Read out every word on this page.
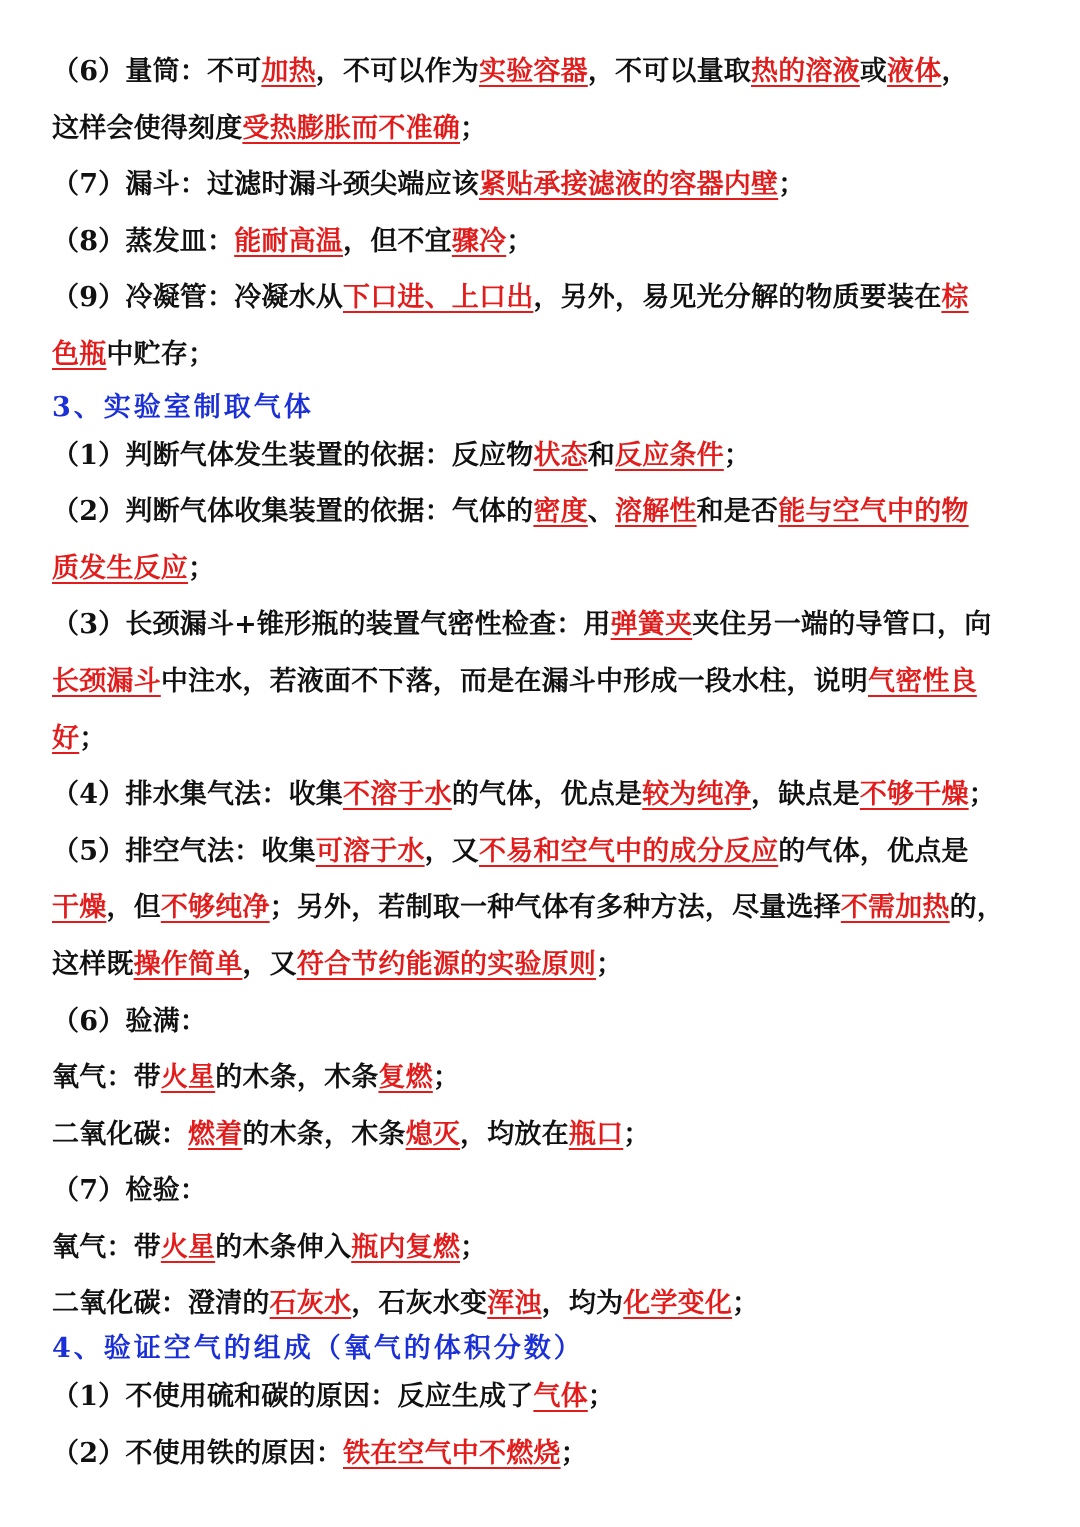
（6）量筒：不可加热，不可以作为实验容器，不可以量取热的溶液或液体，
这样会使得刻度受热膨胀而不准确；
（7）漏斗：过滤时漏斗颈尖端应该紧贴承接滤液的容器内壁；
（8）蒸发皿：能耐高温，但不宜骤冷；
（9）冷凝管：冷凝水从下口进、上口出，另外，易见光分解的物质要装在棕
色瓶中贮存；
3、实验室制取气体
（1）判断气体发生装置的依据：反应物状态和反应条件；
（2）判断气体收集装置的依据：气体的密度、溶解性和是否能与空气中的物
质发生反应；
（3）长颈漏斗+锥形瓶的装置气密性检查：用弹簧夹夹住另一端的导管口，向
长颈漏斗中注水，若液面不下落，而是在漏斗中形成一段水柱，说明气密性良
好；
（4）排水集气法：收集不溶于水的气体，优点是较为纯净，缺点是不够干燥；
（5）排空气法：收集可溶于水，又不易和空气中的成分反应的气体，优点是
干燥，但不够纯净；另外，若制取一种气体有多种方法，尽量选择不需加热的，
这样既操作简单，又符合节约能源的实验原则；
（6）验满：
氧气：带火星的木条，木条复燃；
二氧化碳：燃着的木条，木条熄灭，均放在瓶口；
（7）检验：
氧气：带火星的木条伸入瓶内复燃；
二氧化碳：澄清的石灰水，石灰水变浑浊，均为化学变化；
4、验证空气的组成（氧气的体积分数）
（1）不使用硫和碳的原因：反应生成了气体；
（2）不使用铁的原因：铁在空气中不燃烧；
